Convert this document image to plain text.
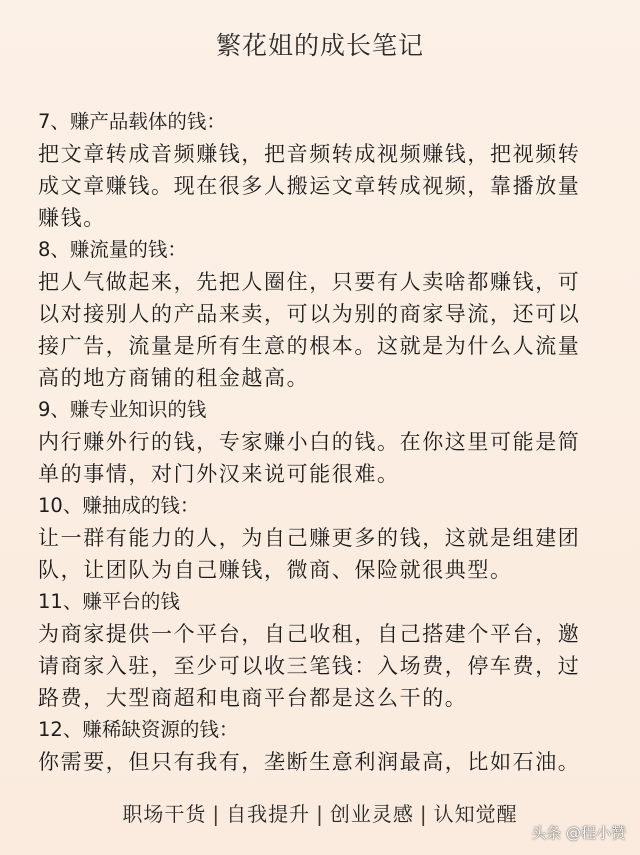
繁花姐的成长笔记
7、赚产品载体的钱：
把文章转成音频赚钱，把音频转成视频赚钱，把视频转
成文章赚钱。现在很多人搬运文章转成视频，靠播放量
赚钱。
8、赚流量的钱：
把人气做起来，先把人圈住，只要有人卖啥都赚钱，可
以对接别人的产品来卖，可以为别的商家导流，还可以
接广告，流量是所有生意的根本。这就是为什么人流量
高的地方商铺的租金越高。
9、赚专业知识的钱
内行赚外行的钱，专家赚小白的钱。在你这里可能是简
单的事情，对门外汉来说可能很难。
10、赚抽成的钱：
让一群有能力的人，为自己赚更多的钱，这就是组建团
队，让团队为自己赚钱，微商、保险就很典型。
11、赚平台的钱
为商家提供一个平台，自己收租，自己搭建个平台，邀
请商家入驻，至少可以收三笔钱：入场费，停车费，过
路费，大型商超和电商平台都是这么干的。
12、赚稀缺资源的钱：
你需要，但只有我有，垄断生意利润最高，比如石油。
职场干货 | 自我提升 | 创业灵感 | 认知觉醒
头条 @程小赞
